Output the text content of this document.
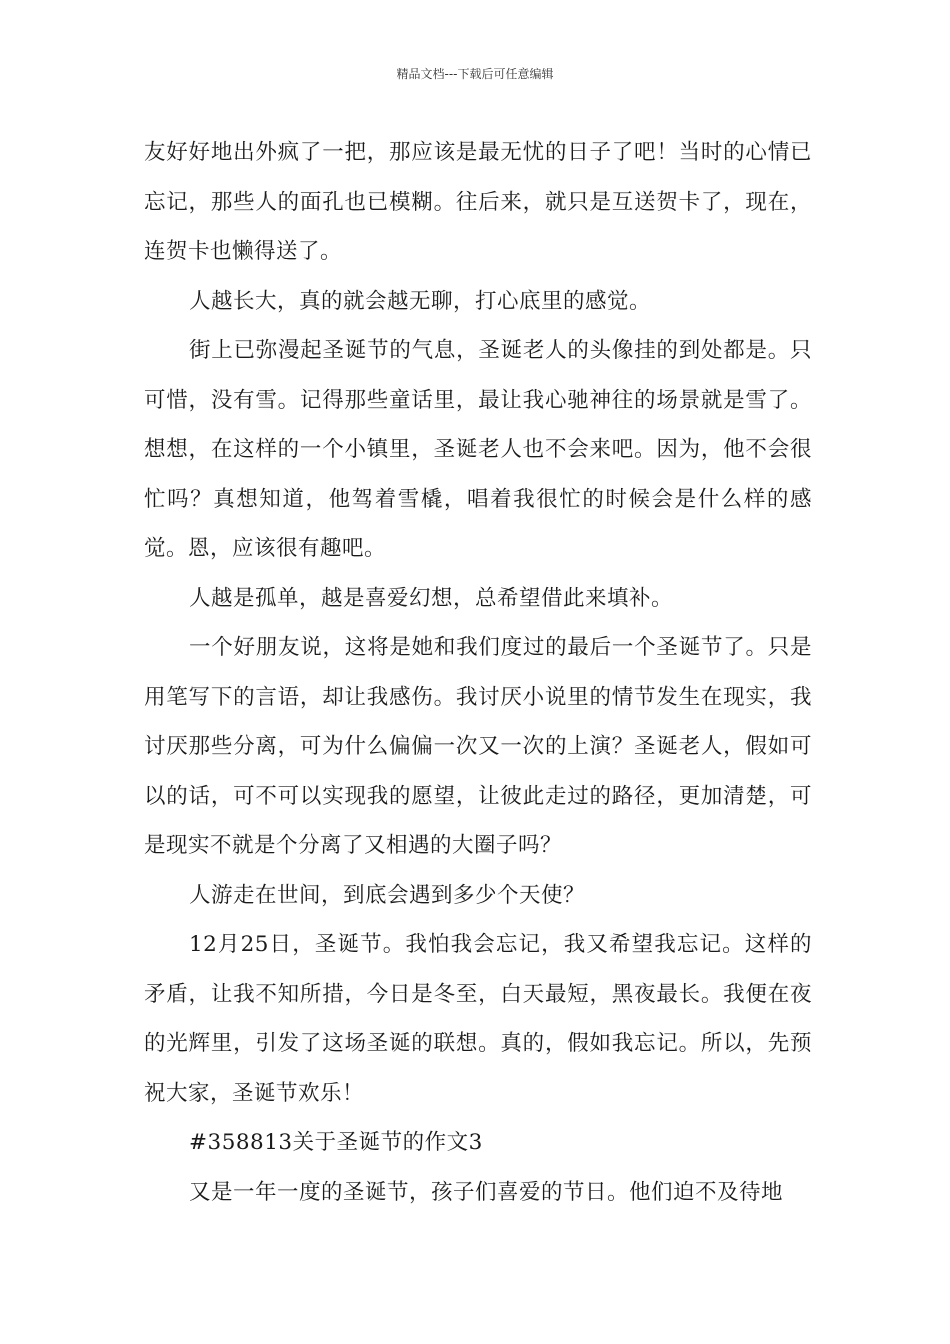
精品文档---下载后可任意编辑

友好好地出外疯了一把，那应该是最无忧的日子了吧！当时的心情已忘记，那些人的面孔也已模糊。往后来，就只是互送贺卡了，现在，连贺卡也懒得送了。

人越长大，真的就会越无聊，打心底里的感觉。

街上已弥漫起圣诞节的气息，圣诞老人的头像挂的到处都是。只可惜，没有雪。记得那些童话里，最让我心驰神往的场景就是雪了。想想，在这样的一个小镇里，圣诞老人也不会来吧。因为，他不会很忙吗？真想知道，他驾着雪橇，唱着我很忙的时候会是什么样的感觉。恩，应该很有趣吧。

人越是孤单，越是喜爱幻想，总希望借此来填补。

一个好朋友说，这将是她和我们度过的最后一个圣诞节了。只是用笔写下的言语，却让我感伤。我讨厌小说里的情节发生在现实，我讨厌那些分离，可为什么偏偏一次又一次的上演？圣诞老人，假如可以的话，可不可以实现我的愿望，让彼此走过的路径，更加清楚，可是现实不就是个分离了又相遇的大圈子吗？

人游走在世间，到底会遇到多少个天使？

12月25日，圣诞节。我怕我会忘记，我又希望我忘记。这样的矛盾，让我不知所措，今日是冬至，白天最短，黑夜最长。我便在夜的光辉里，引发了这场圣诞的联想。真的，假如我忘记。所以，先预祝大家，圣诞节欢乐！

#358813关于圣诞节的作文3

又是一年一度的圣诞节，孩子们喜爱的节日。他们迫不及待地
